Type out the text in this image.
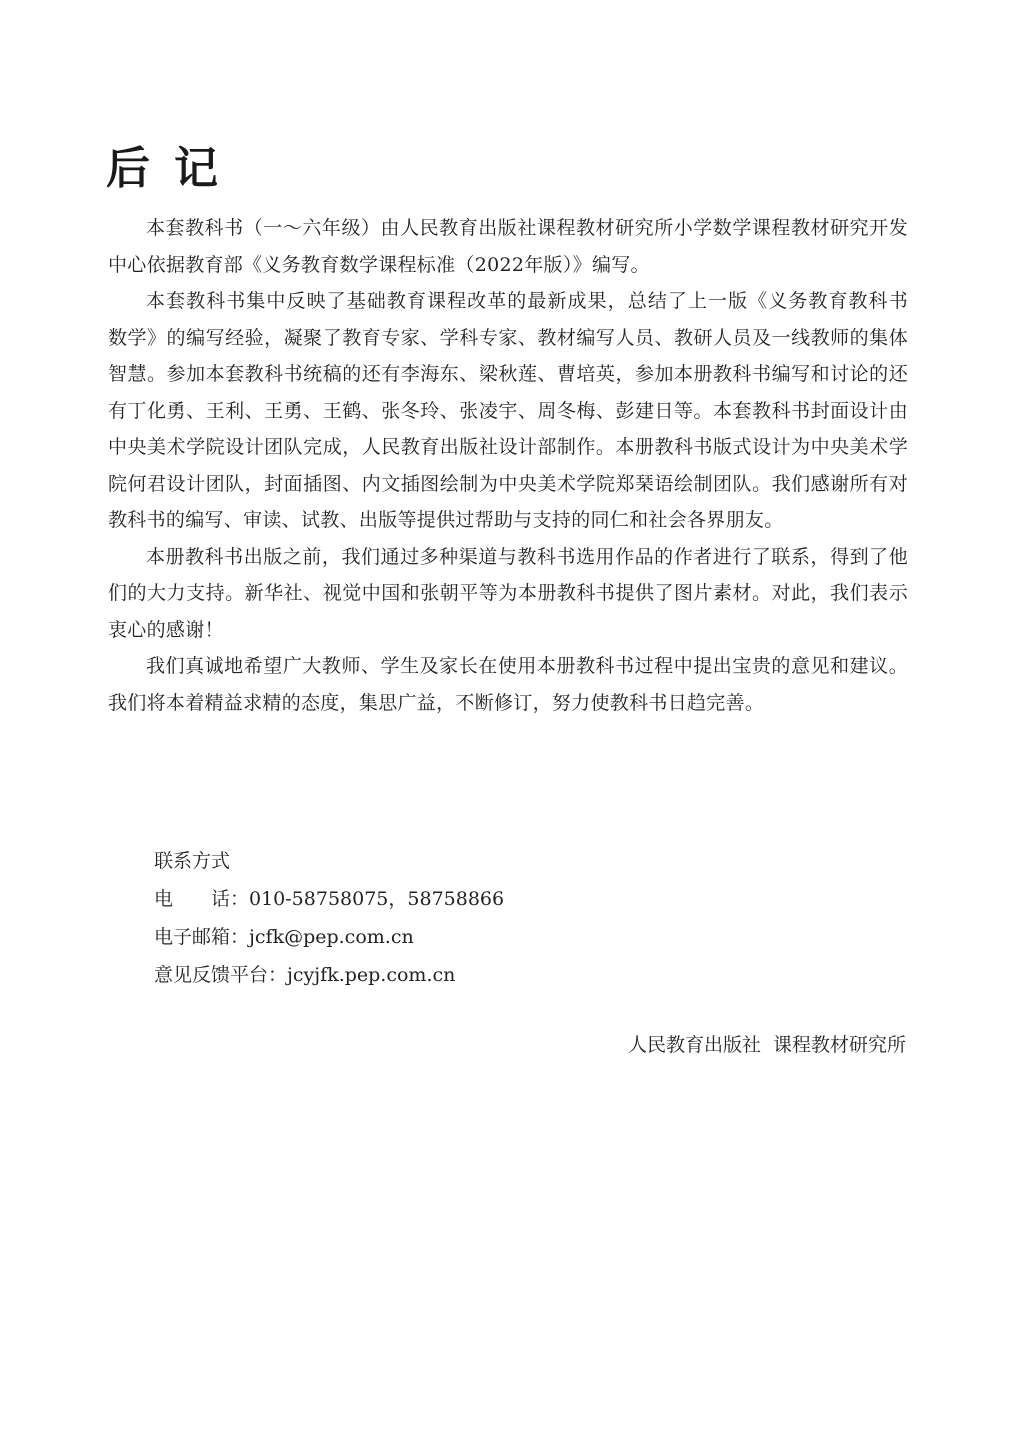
后 记

本套教科书（一～六年级）由人民教育出版社课程教材研究所小学数学课程教材研究开发中心依据教育部《义务教育数学课程标准（2022年版）》编写。

本套教科书集中反映了基础教育课程改革的最新成果，总结了上一版《义务教育教科书　数学》的编写经验，凝聚了教育专家、学科专家、教材编写人员、教研人员及一线教师的集体智慧。参加本套教科书统稿的还有李海东、梁秋莲、曹培英，参加本册教科书编写和讨论的还有丁化勇、王利、王勇、王鹤、张冬玲、张凌宇、周冬梅、彭建日等。本套教科书封面设计由中央美术学院设计团队完成，人民教育出版社设计部制作。本册教科书版式设计为中央美术学院何君设计团队，封面插图、内文插图绘制为中央美术学院郑琹语绘制团队。我们感谢所有对教科书的编写、审读、试教、出版等提供过帮助与支持的同仁和社会各界朋友。

本册教科书出版之前，我们通过多种渠道与教科书选用作品的作者进行了联系，得到了他们的大力支持。新华社、视觉中国和张朝平等为本册教科书提供了图片素材。对此，我们表示衷心的感谢！

我们真诚地希望广大教师、学生及家长在使用本册教科书过程中提出宝贵的意见和建议。我们将本着精益求精的态度，集思广益，不断修订，努力使教科书日趋完善。

联系方式
电　　话：010-58758075，58758866
电子邮箱：jcfk@pep.com.cn
意见反馈平台：jcyjfk.pep.com.cn
人民教育出版社 课程教材研究所
